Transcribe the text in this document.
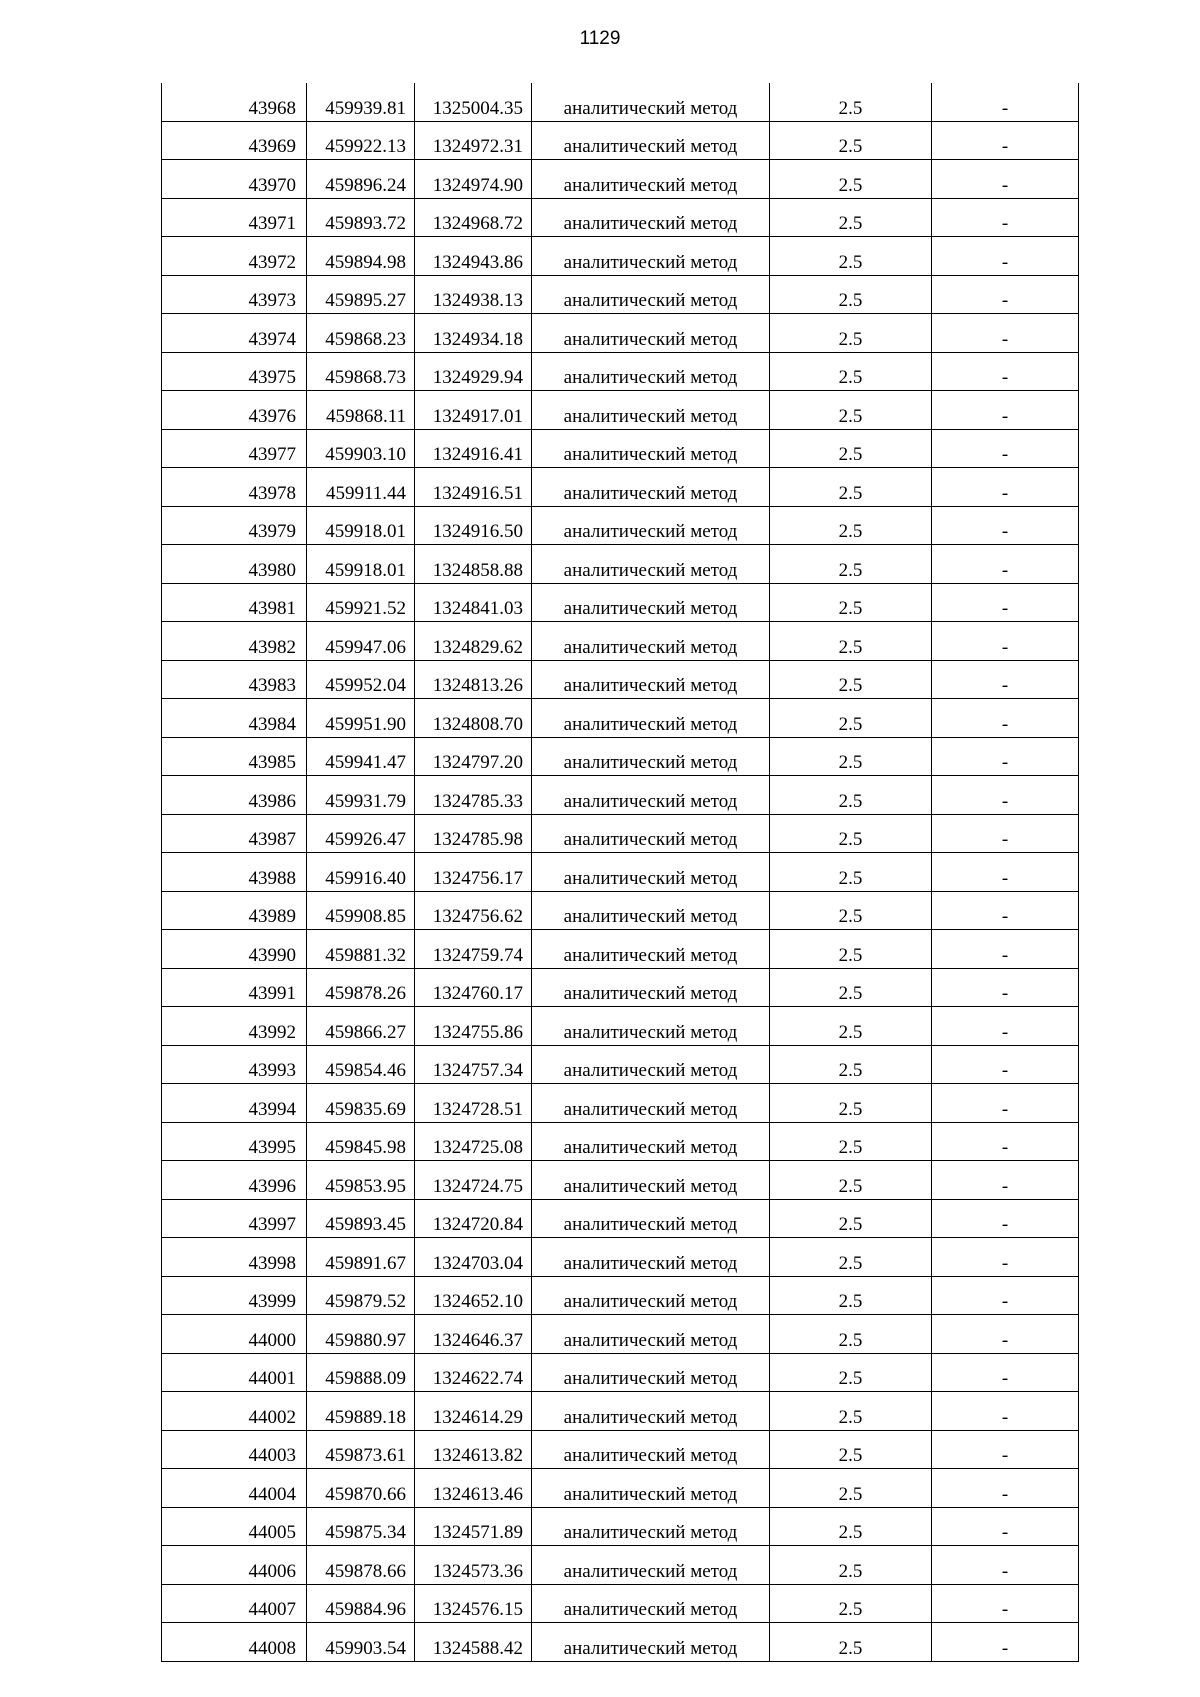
1129
43968	459939.81	1325004.35	аналитический метод	2.5	-
43969	459922.13	1324972.31	аналитический метод	2.5	-
43970	459896.24	1324974.90	аналитический метод	2.5	-
43971	459893.72	1324968.72	аналитический метод	2.5	-
43972	459894.98	1324943.86	аналитический метод	2.5	-
43973	459895.27	1324938.13	аналитический метод	2.5	-
43974	459868.23	1324934.18	аналитический метод	2.5	-
43975	459868.73	1324929.94	аналитический метод	2.5	-
43976	459868.11	1324917.01	аналитический метод	2.5	-
43977	459903.10	1324916.41	аналитический метод	2.5	-
43978	459911.44	1324916.51	аналитический метод	2.5	-
43979	459918.01	1324916.50	аналитический метод	2.5	-
43980	459918.01	1324858.88	аналитический метод	2.5	-
43981	459921.52	1324841.03	аналитический метод	2.5	-
43982	459947.06	1324829.62	аналитический метод	2.5	-
43983	459952.04	1324813.26	аналитический метод	2.5	-
43984	459951.90	1324808.70	аналитический метод	2.5	-
43985	459941.47	1324797.20	аналитический метод	2.5	-
43986	459931.79	1324785.33	аналитический метод	2.5	-
43987	459926.47	1324785.98	аналитический метод	2.5	-
43988	459916.40	1324756.17	аналитический метод	2.5	-
43989	459908.85	1324756.62	аналитический метод	2.5	-
43990	459881.32	1324759.74	аналитический метод	2.5	-
43991	459878.26	1324760.17	аналитический метод	2.5	-
43992	459866.27	1324755.86	аналитический метод	2.5	-
43993	459854.46	1324757.34	аналитический метод	2.5	-
43994	459835.69	1324728.51	аналитический метод	2.5	-
43995	459845.98	1324725.08	аналитический метод	2.5	-
43996	459853.95	1324724.75	аналитический метод	2.5	-
43997	459893.45	1324720.84	аналитический метод	2.5	-
43998	459891.67	1324703.04	аналитический метод	2.5	-
43999	459879.52	1324652.10	аналитический метод	2.5	-
44000	459880.97	1324646.37	аналитический метод	2.5	-
44001	459888.09	1324622.74	аналитический метод	2.5	-
44002	459889.18	1324614.29	аналитический метод	2.5	-
44003	459873.61	1324613.82	аналитический метод	2.5	-
44004	459870.66	1324613.46	аналитический метод	2.5	-
44005	459875.34	1324571.89	аналитический метод	2.5	-
44006	459878.66	1324573.36	аналитический метод	2.5	-
44007	459884.96	1324576.15	аналитический метод	2.5	-
44008	459903.54	1324588.42	аналитический метод	2.5	-
